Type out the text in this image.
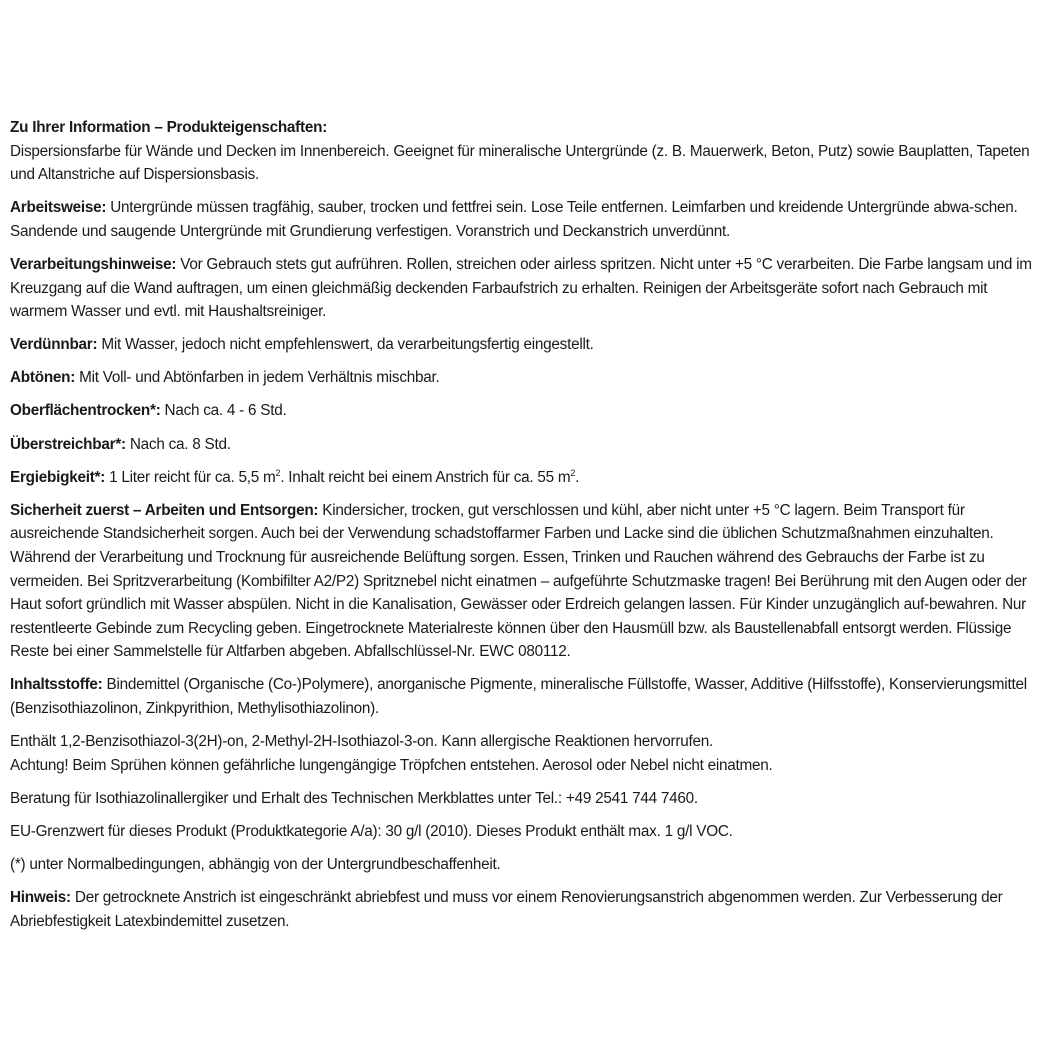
Zu Ihrer Information – Produkteigenschaften:
Dispersionsfarbe für Wände und Decken im Innenbereich. Geeignet für mineralische Untergründe (z. B. Mauerwerk, Beton, Putz) sowie Bauplatten, Tapeten und Altanstriche auf Dispersionsbasis.

Arbeitsweise: Untergründe müssen tragfähig, sauber, trocken und fettfrei sein. Lose Teile entfernen. Leimfarben und kreidende Untergründe abwa-schen. Sandende und saugende Untergründe mit Grundierung verfestigen. Voranstrich und Deckanstrich unverdünnt.

Verarbeitungshinweise: Vor Gebrauch stets gut aufrühren. Rollen, streichen oder airless spritzen. Nicht unter +5 °C verarbeiten. Die Farbe langsam und im Kreuzgang auf die Wand auftragen, um einen gleichmäßig deckenden Farbaufstrich zu erhalten. Reinigen der Arbeitsgeräte sofort nach Gebrauch mit warmem Wasser und evtl. mit Haushaltsreiniger.

Verdünnbar: Mit Wasser, jedoch nicht empfehlenswert, da verarbeitungsfertig eingestellt.

Abtönen: Mit Voll- und Abtönfarben in jedem Verhältnis mischbar.

Oberflächentrocken*: Nach ca. 4 - 6 Std.

Überstreichbar*: Nach ca. 8 Std.

Ergiebigkeit*: 1 Liter reicht für ca. 5,5 $m^2$. Inhalt reicht bei einem Anstrich für ca. 55 $m^2$.

Sicherheit zuerst – Arbeiten und Entsorgen: Kindersicher, trocken, gut verschlossen und kühl, aber nicht unter +5 °C lagern. Beim Transport für ausreichende Standsicherheit sorgen. Auch bei der Verwendung schadstoffarmer Farben und Lacke sind die üblichen Schutzmaßnahmen einzuhalten. Während der Verarbeitung und Trocknung für ausreichende Belüftung sorgen. Essen, Trinken und Rauchen während des Gebrauchs der Farbe ist zu vermeiden. Bei Spritzverarbeitung (Kombifilter A2/P2) Spritznebel nicht einatmen – aufgeführte Schutzmaske tragen! Bei Berührung mit den Augen oder der Haut sofort gründlich mit Wasser abspülen. Nicht in die Kanalisation, Gewässer oder Erdreich gelangen lassen. Für Kinder unzugänglich auf-bewahren. Nur restentleerte Gebinde zum Recycling geben. Eingetrocknete Materialreste können über den Hausmüll bzw. als Baustellenabfall entsorgt werden. Flüssige Reste bei einer Sammelstelle für Altfarben abgeben. Abfallschlüssel-Nr. EWC 080112.

Inhaltsstoffe: Bindemittel (Organische (Co-)Polymere), anorganische Pigmente, mineralische Füllstoffe, Wasser, Additive (Hilfsstoffe), Konservierungsmittel (Benzisothiazolinon, Zinkpyrithion, Methylisothiazolinon).

Enthält 1,2-Benzisothiazol-3(2H)-on, 2-Methyl-2H-Isothiazol-3-on. Kann allergische Reaktionen hervorrufen.
Achtung! Beim Sprühen können gefährliche lungengängige Tröpfchen entstehen. Aerosol oder Nebel nicht einatmen.

Beratung für Isothiazolinallergiker und Erhalt des Technischen Merkblattes unter Tel.: +49 2541 744 7460.

EU-Grenzwert für dieses Produkt (Produktkategorie A/a): 30 g/l (2010). Dieses Produkt enthält max. 1 g/l VOC.

(*) unter Normalbedingungen, abhängig von der Untergrundbeschaffenheit.

Hinweis: Der getrocknete Anstrich ist eingeschränkt abriebfest und muss vor einem Renovierungsanstrich abgenommen werden. Zur Verbesserung der Abriebfestigkeit Latexbindemittel zusetzen.
